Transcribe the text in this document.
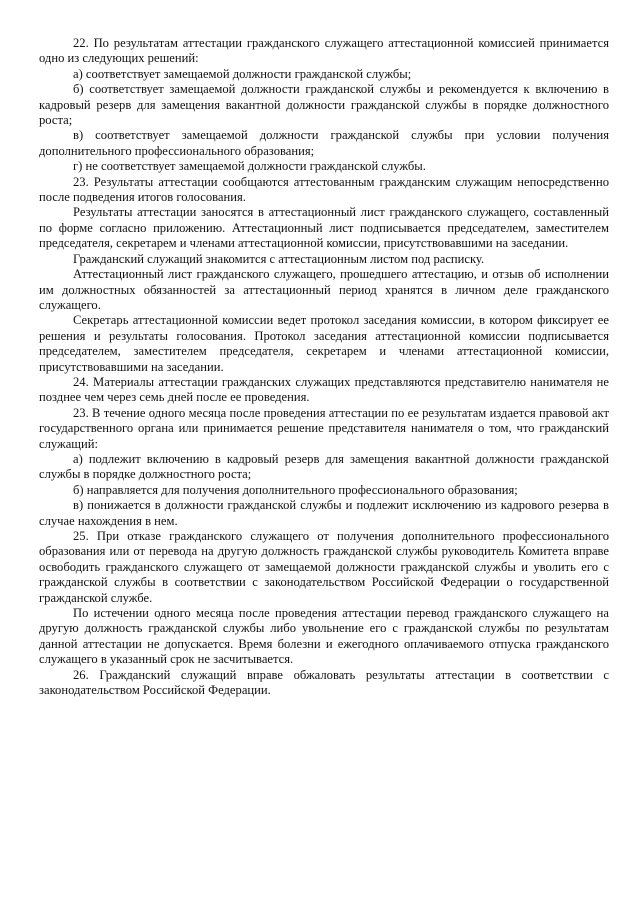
22. По результатам аттестации гражданского служащего аттестационной комиссией принимается одно из следующих решений:

а) соответствует замещаемой должности гражданской службы;

б) соответствует замещаемой должности гражданской службы и рекомендуется к включению в кадровый резерв для замещения вакантной должности гражданской службы в порядке должностного роста;

в) соответствует замещаемой должности гражданской службы при условии получения дополнительного профессионального образования;

г) не соответствует замещаемой должности гражданской службы.

23. Результаты аттестации сообщаются аттестованным гражданским служащим непосредственно после подведения итогов голосования.

Результаты аттестации заносятся в аттестационный лист гражданского служащего, составленный по форме согласно приложению. Аттестационный лист подписывается председателем, заместителем председателя, секретарем и членами аттестационной комиссии, присутствовавшими на заседании.

Гражданский служащий знакомится с аттестационным листом под расписку.

Аттестационный лист гражданского служащего, прошедшего аттестацию, и отзыв об исполнении им должностных обязанностей за аттестационный период хранятся в личном деле гражданского служащего.

Секретарь аттестационной комиссии ведет протокол заседания комиссии, в котором фиксирует ее решения и результаты голосования. Протокол заседания аттестационной комиссии подписывается председателем, заместителем председателя, секретарем и членами аттестационной комиссии, присутствовавшими на заседании.

24. Материалы аттестации гражданских служащих представляются представителю нанимателя не позднее чем через семь дней после ее проведения.

23. В течение одного месяца после проведения аттестации по ее результатам издается правовой акт государственного органа или принимается решение представителя нанимателя о том, что гражданский служащий:

а) подлежит включению в кадровый резерв для замещения вакантной должности гражданской службы в порядке должностного роста;

б) направляется для получения дополнительного профессионального образования;

в) понижается в должности гражданской службы и подлежит исключению из кадрового резерва в случае нахождения в нем.

25. При отказе гражданского служащего от получения дополнительного профессионального образования или от перевода на другую должность гражданской службы руководитель Комитета вправе освободить гражданского служащего от замещаемой должности гражданской службы и уволить его с гражданской службы в соответствии с законодательством Российской Федерации о государственной гражданской службе.

По истечении одного месяца после проведения аттестации перевод гражданского служащего на другую должность гражданской службы либо увольнение его с гражданской службы по результатам данной аттестации не допускается. Время болезни и ежегодного оплачиваемого отпуска гражданского служащего в указанный срок не засчитывается.

26. Гражданский служащий вправе обжаловать результаты аттестации в соответствии с законодательством Российской Федерации.
